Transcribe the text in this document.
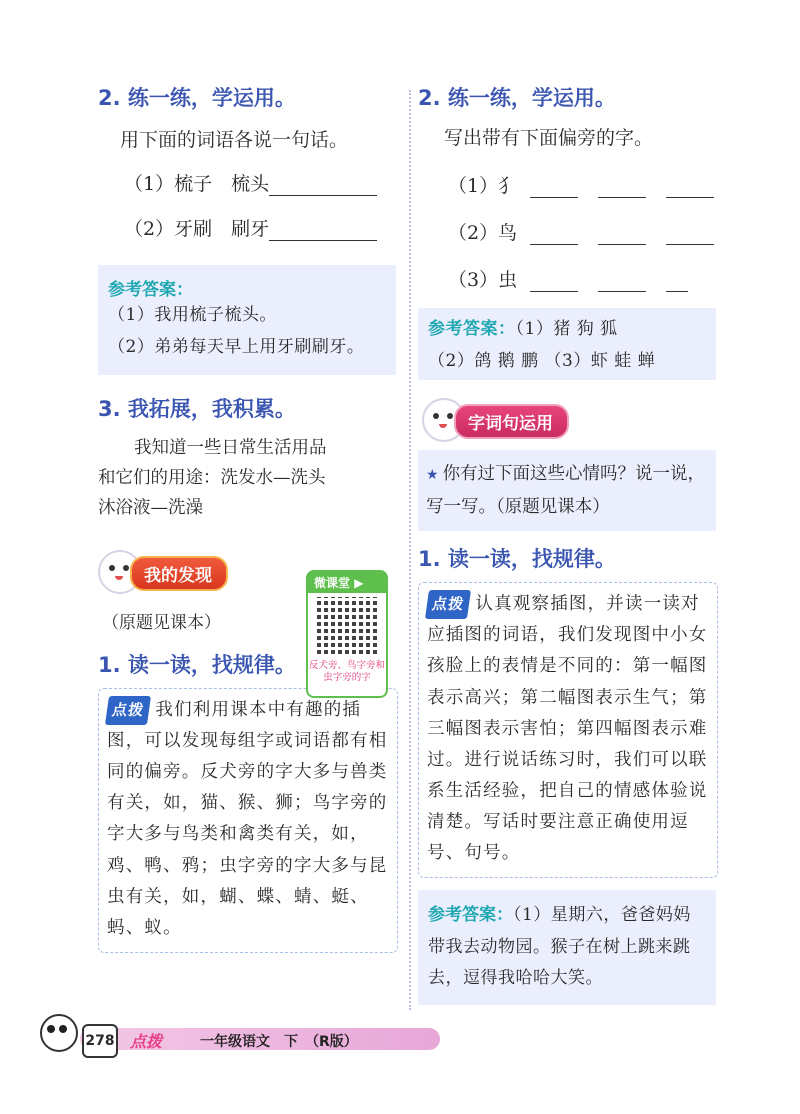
2. 练一练，学运用。
用下面的词语各说一句话。
（1）梳子　梳头
（2）牙刷　刷牙
参考答案：
（1）我用梳子梳头。
（2）弟弟每天早上用牙刷刷牙。
3. 我拓展，我积累。
我知道一些日常生活用品
和它们的用途：洗发水—洗头
沐浴液—洗澡
我的发现
（原题见课本）
1. 读一读，找规律。
点拨 我们利用课本中有趣的插图，可以发现每组字或词语都有相同的偏旁。反犬旁的字大多与兽类有关，如，猫、猴、狮；鸟字旁的字大多与鸟类和禽类有关，如，鸡、鸭、鸦；虫字旁的字大多与昆虫有关，如，蝴、蝶、蜻、蜓、蚂、蚁。
微课堂 ▶
反犬旁、鸟字旁和虫字旁的字
2. 练一练，学运用。
写出带有下面偏旁的字。
（1）犭
（2）鸟
（3）虫
参考答案：（1）猪 狗 狐
（2）鸽 鹅 鹏 （3）虾 蛙 蝉
字词句运用
★ 你有过下面这些心情吗？说一说，写一写。（原题见课本）
1. 读一读，找规律。
点拨 认真观察插图，并读一读对应插图的词语，我们发现图中小女孩脸上的表情是不同的：第一幅图表示高兴；第二幅图表示生气；第三幅图表示害怕；第四幅图表示难过。进行说话练习时，我们可以联系生活经验，把自己的情感体验说清楚。写话时要注意正确使用逗号、句号。
参考答案：（1）星期六，爸爸妈妈带我去动物园。猴子在树上跳来跳去，逗得我哈哈大笑。
278 点拨	一年级语文　下　（R版）
